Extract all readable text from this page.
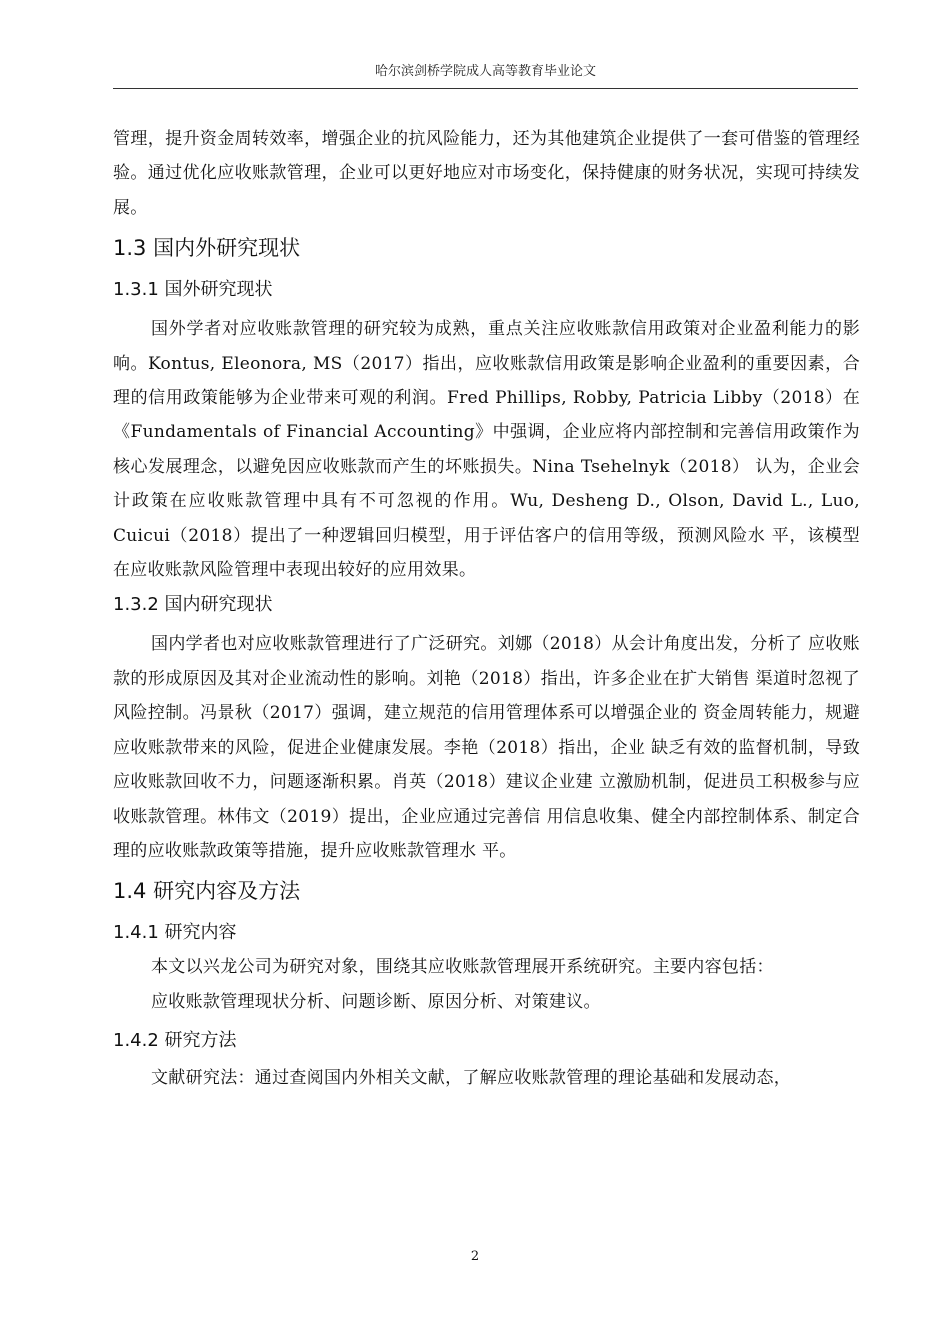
哈尔滨剑桥学院成人高等教育毕业论文

管理，提升资金周转效率，增强企业的抗风险能力，还为其他建筑企业提供了一套可借鉴的管理经验。通过优化应收账款管理，企业可以更好地应对市场变化，保持健康的财务状况，实现可持续发展。

1.3 国内外研究现状
1.3.1 国外研究现状

国外学者对应收账款管理的研究较为成熟，重点关注应收账款信用政策对企业盈利能力的影响。Kontus, Eleonora, MS（2017）指出，应收账款信用政策是影响企业盈利的重要因素，合理的信用政策能够为企业带来可观的利润。Fred Phillips, Robby, Patricia Libby（2018）在《Fundamentals of Financial Accounting》中强调，企业应将内部控制和完善信用政策作为核心发展理念，以避免因应收账款而产生的坏账损失。Nina Tsehelnyk（2018） 认为，企业会计政策在应收账款管理中具有不可忽视的作用。Wu, Desheng D., Olson, David L., Luo, Cuicui（2018）提出了一种逻辑回归模型，用于评估客户的信用等级，预测风险水 平，该模型在应收账款风险管理中表现出较好的应用效果。

1.3.2 国内研究现状

国内学者也对应收账款管理进行了广泛研究。刘娜（2018）从会计角度出发，分析了 应收账款的形成原因及其对企业流动性的影响。刘艳（2018）指出，许多企业在扩大销售 渠道时忽视了风险控制。冯景秋（2017）强调，建立规范的信用管理体系可以增强企业的 资金周转能力，规避应收账款带来的风险，促进企业健康发展。李艳（2018）指出，企业 缺乏有效的监督机制，导致应收账款回收不力，问题逐渐积累。肖英（2018）建议企业建 立激励机制，促进员工积极参与应收账款管理。林伟文（2019）提出，企业应通过完善信 用信息收集、健全内部控制体系、制定合理的应收账款政策等措施，提升应收账款管理水 平。

1.4 研究内容及方法
1.4.1 研究内容

本文以兴龙公司为研究对象，围绕其应收账款管理展开系统研究。主要内容包括：

应收账款管理现状分析、问题诊断、原因分析、对策建议。

1.4.2 研究方法

文献研究法：通过查阅国内外相关文献，了解应收账款管理的理论基础和发展动态，

2
